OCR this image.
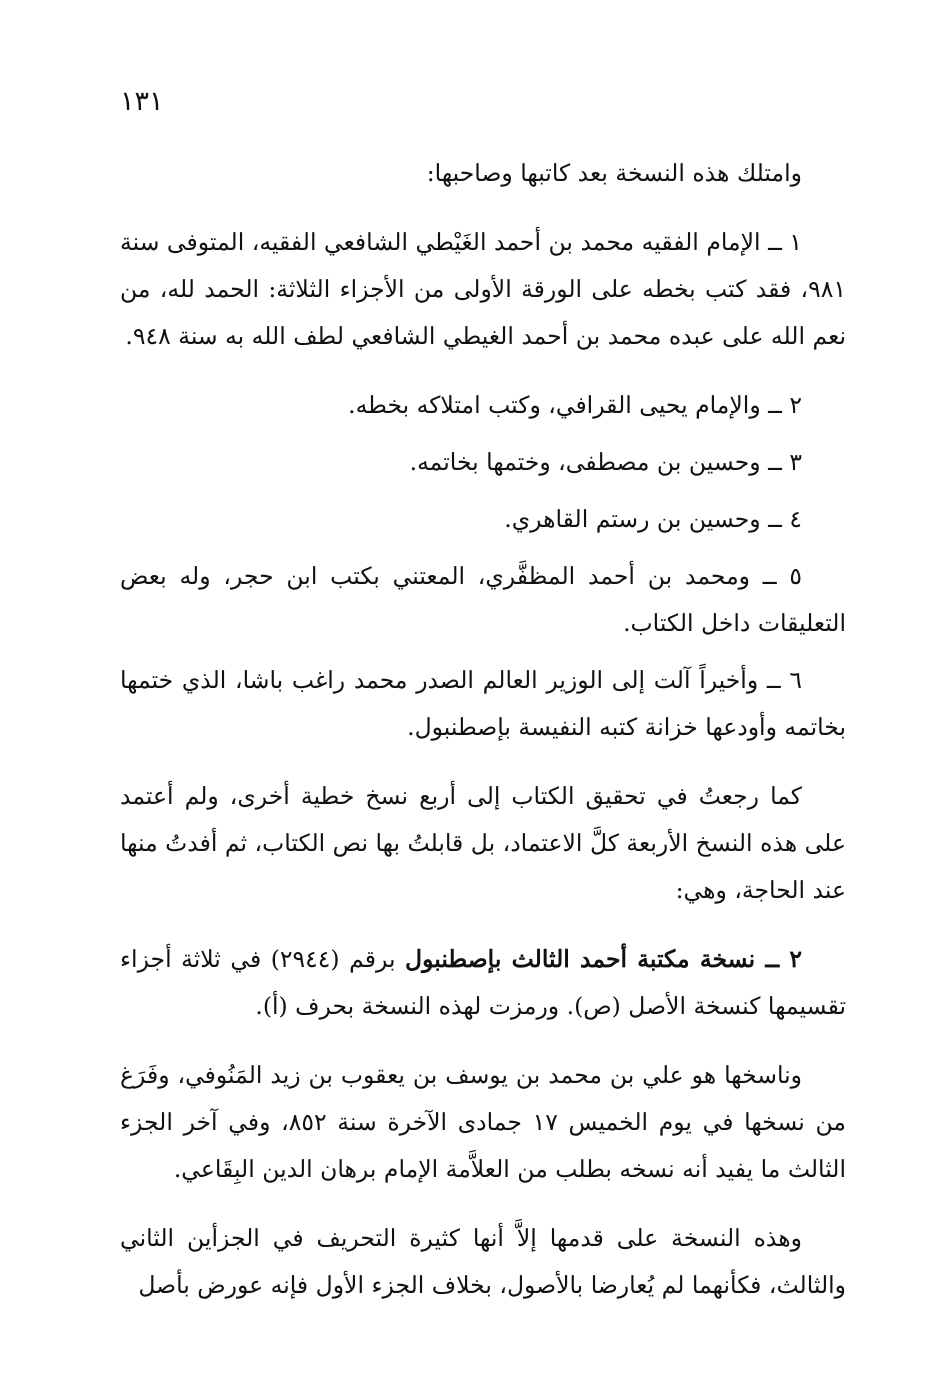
١٣١

وامتلك هذه النسخة بعد كاتبها وصاحبها:

١ ــ الإمام الفقيه محمد بن أحمد الغَيْطي الشافعي الفقيه، المتوفى سنة ٩٨١، فقد كتب بخطه على الورقة الأولى من الأجزاء الثلاثة: الحمد لله، من نعم الله على عبده محمد بن أحمد الغيطي الشافعي لطف الله به سنة ٩٤٨.

٢ ــ والإمام يحيى القرافي، وكتب امتلاكه بخطه.

٣ ــ وحسين بن مصطفى، وختمها بخاتمه.

٤ ــ وحسين بن رستم القاهري.

٥ ــ ومحمد بن أحمد المظفَّري، المعتني بكتب ابن حجر، وله بعض التعليقات داخل الكتاب.

٦ ــ وأخيراً آلت إلى الوزير العالم الصدر محمد راغب باشا، الذي ختمها بخاتمه وأودعها خزانة كتبه النفيسة بإصطنبول.

كما رجعتُ في تحقيق الكتاب إلى أربع نسخ خطية أخرى، ولم أعتمد على هذه النسخ الأربعة كلَّ الاعتماد، بل قابلتُ بها نص الكتاب، ثم أفدتُ منها عند الحاجة، وهي:

٢ ــ نسخة مكتبة أحمد الثالث بإصطنبول برقم (٢٩٤٤) في ثلاثة أجزاء تقسيمها كنسخة الأصل (ص). ورمزت لهذه النسخة بحرف (أ).

وناسخها هو علي بن محمد بن يوسف بن يعقوب بن زيد المَنُوفي، وفَرَغ من نسخها في يوم الخميس ١٧ جمادى الآخرة سنة ٨٥٢، وفي آخر الجزء الثالث ما يفيد أنه نسخه بطلب من العلاَّمة الإمام برهان الدين البِقَاعي.

وهذه النسخة على قدمها إلاَّ أنها كثيرة التحريف في الجزأين الثاني والثالث، فكأنهما لم يُعارضا بالأصول، بخلاف الجزء الأول فإنه عورض بأصل
